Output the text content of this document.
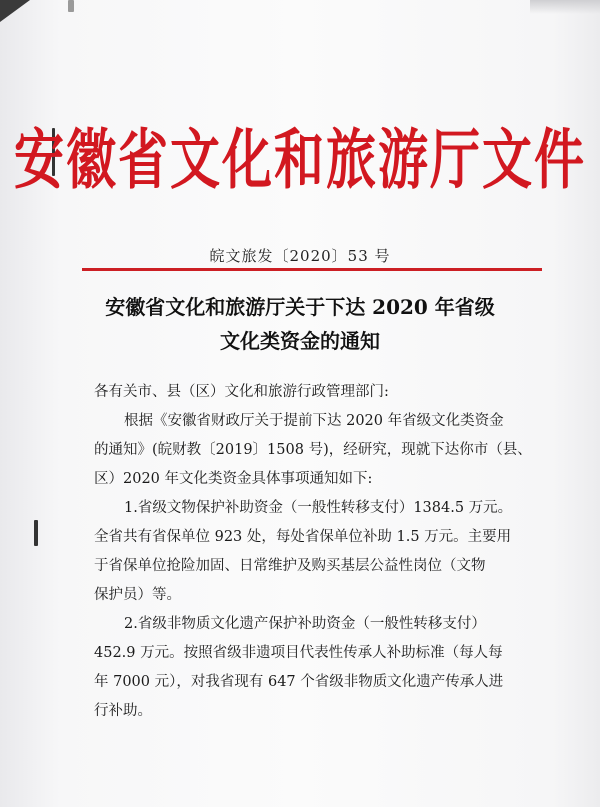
安徽省文化和旅游厅文件
皖文旅发〔2020〕53 号
安徽省文化和旅游厅关于下达 2020 年省级
文化类资金的通知
各有关市、县（区）文化和旅游行政管理部门:
根据《安徽省财政厅关于提前下达 2020 年省级文化类资金
的通知》(皖财教〔2019〕1508 号)，经研究，现就下达你市（县、
区）2020 年文化类资金具体事项通知如下:
1.省级文物保护补助资金（一般性转移支付）1384.5 万元。
全省共有省保单位 923 处，每处省保单位补助 1.5 万元。主要用
于省保单位抢险加固、日常维护及购买基层公益性岗位（文物
保护员）等。
2.省级非物质文化遗产保护补助资金（一般性转移支付）
452.9 万元。按照省级非遗项目代表性传承人补助标准（每人每
年 7000 元），对我省现有 647 个省级非物质文化遗产传承人进
行补助。
